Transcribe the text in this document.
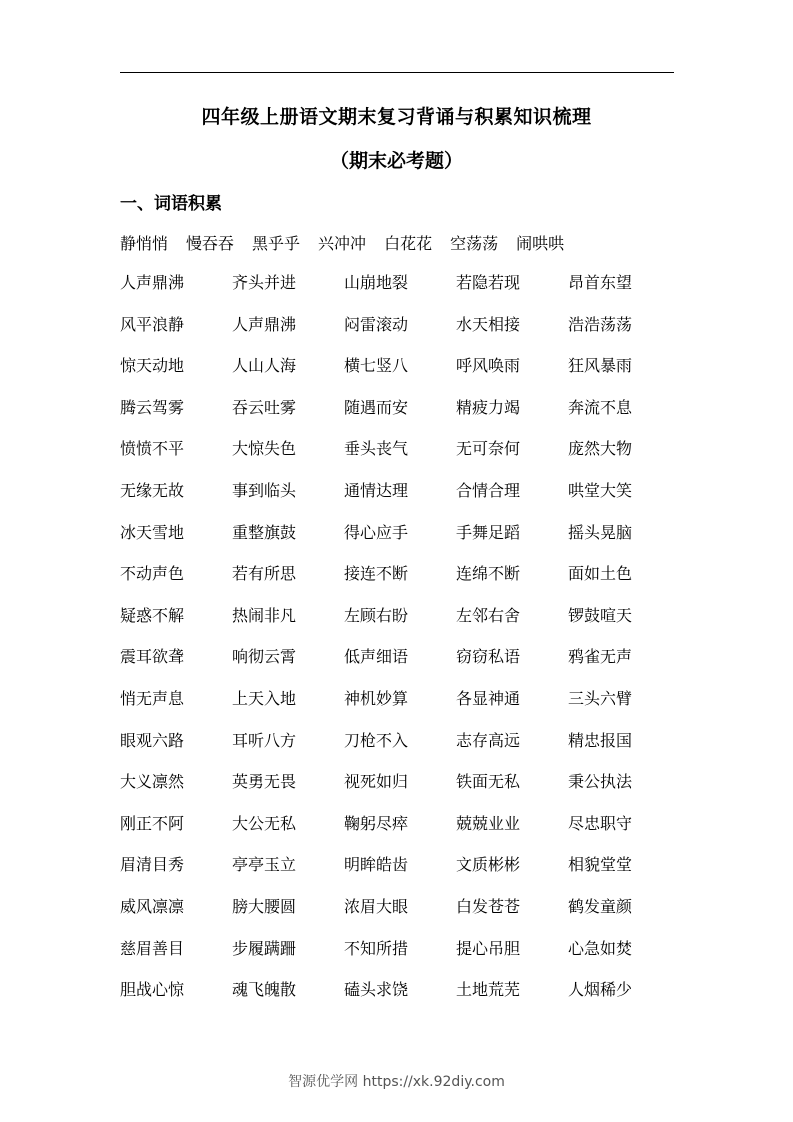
四年级上册语文期末复习背诵与积累知识梳理
（期末必考题）
一、词语积累
静悄悄 慢吞吞 黑乎乎 兴冲冲 白花花 空荡荡 闹哄哄
人声鼎沸	齐头并进	山崩地裂	若隐若现	昂首东望
风平浪静	人声鼎沸	闷雷滚动	水天相接	浩浩荡荡
惊天动地	人山人海	横七竖八	呼风唤雨	狂风暴雨
腾云驾雾	吞云吐雾	随遇而安	精疲力竭	奔流不息
愤愤不平	大惊失色	垂头丧气	无可奈何	庞然大物
无缘无故	事到临头	通情达理	合情合理	哄堂大笑
冰天雪地	重整旗鼓	得心应手	手舞足蹈	摇头晃脑
不动声色	若有所思	接连不断	连绵不断	面如土色
疑惑不解	热闹非凡	左顾右盼	左邻右舍	锣鼓喧天
震耳欲聋	响彻云霄	低声细语	窃窃私语	鸦雀无声
悄无声息	上天入地	神机妙算	各显神通	三头六臂
眼观六路	耳听八方	刀枪不入	志存高远	精忠报国
大义凛然	英勇无畏	视死如归	铁面无私	秉公执法
刚正不阿	大公无私	鞠躬尽瘁	兢兢业业	尽忠职守
眉清目秀	亭亭玉立	明眸皓齿	文质彬彬	相貌堂堂
威风凛凛	膀大腰圆	浓眉大眼	白发苍苍	鹤发童颜
慈眉善目	步履蹒跚	不知所措	提心吊胆	心急如焚
胆战心惊	魂飞魄散	磕头求饶	土地荒芜	人烟稀少
智源优学网 https://xk.92diy.com
